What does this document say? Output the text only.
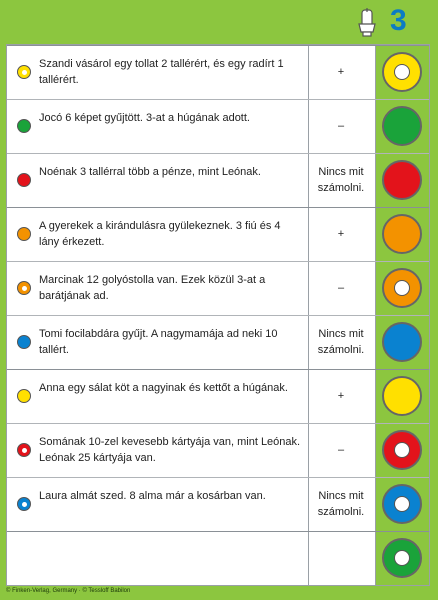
3
Szandi vásárol egy tollat 2 tallérért, és egy radírt 1 tallérért.
+
Jocó 6 képet gyűjtött. 3-at a húgának adott.
–
Noénak 3 tallérral több a pénze, mint Leónak.	Nincs mit számolni.
A gyerekek a kirándulásra gyülekeznek. 3 fiú és 4 lány érkezett.
+
Marcinak 12 golyóstolla van. Ezek közül 3-at a barátjának ad.
–
Tomi focilabdára gyűjt. A nagymamája ad neki 10 tallért.
Nincs mit számolni.
Anna egy sálat köt a nagyinak és kettőt a húgának.
+
Somának 10-zel kevesebb kártyája van, mint Leónak. Leónak 25 kártyája van.
–
Laura almát szed. 8 alma már a kosárban van.	Nincs mit számolni.
© Finken-Verlag, Germany · © Tessloff Babilon
